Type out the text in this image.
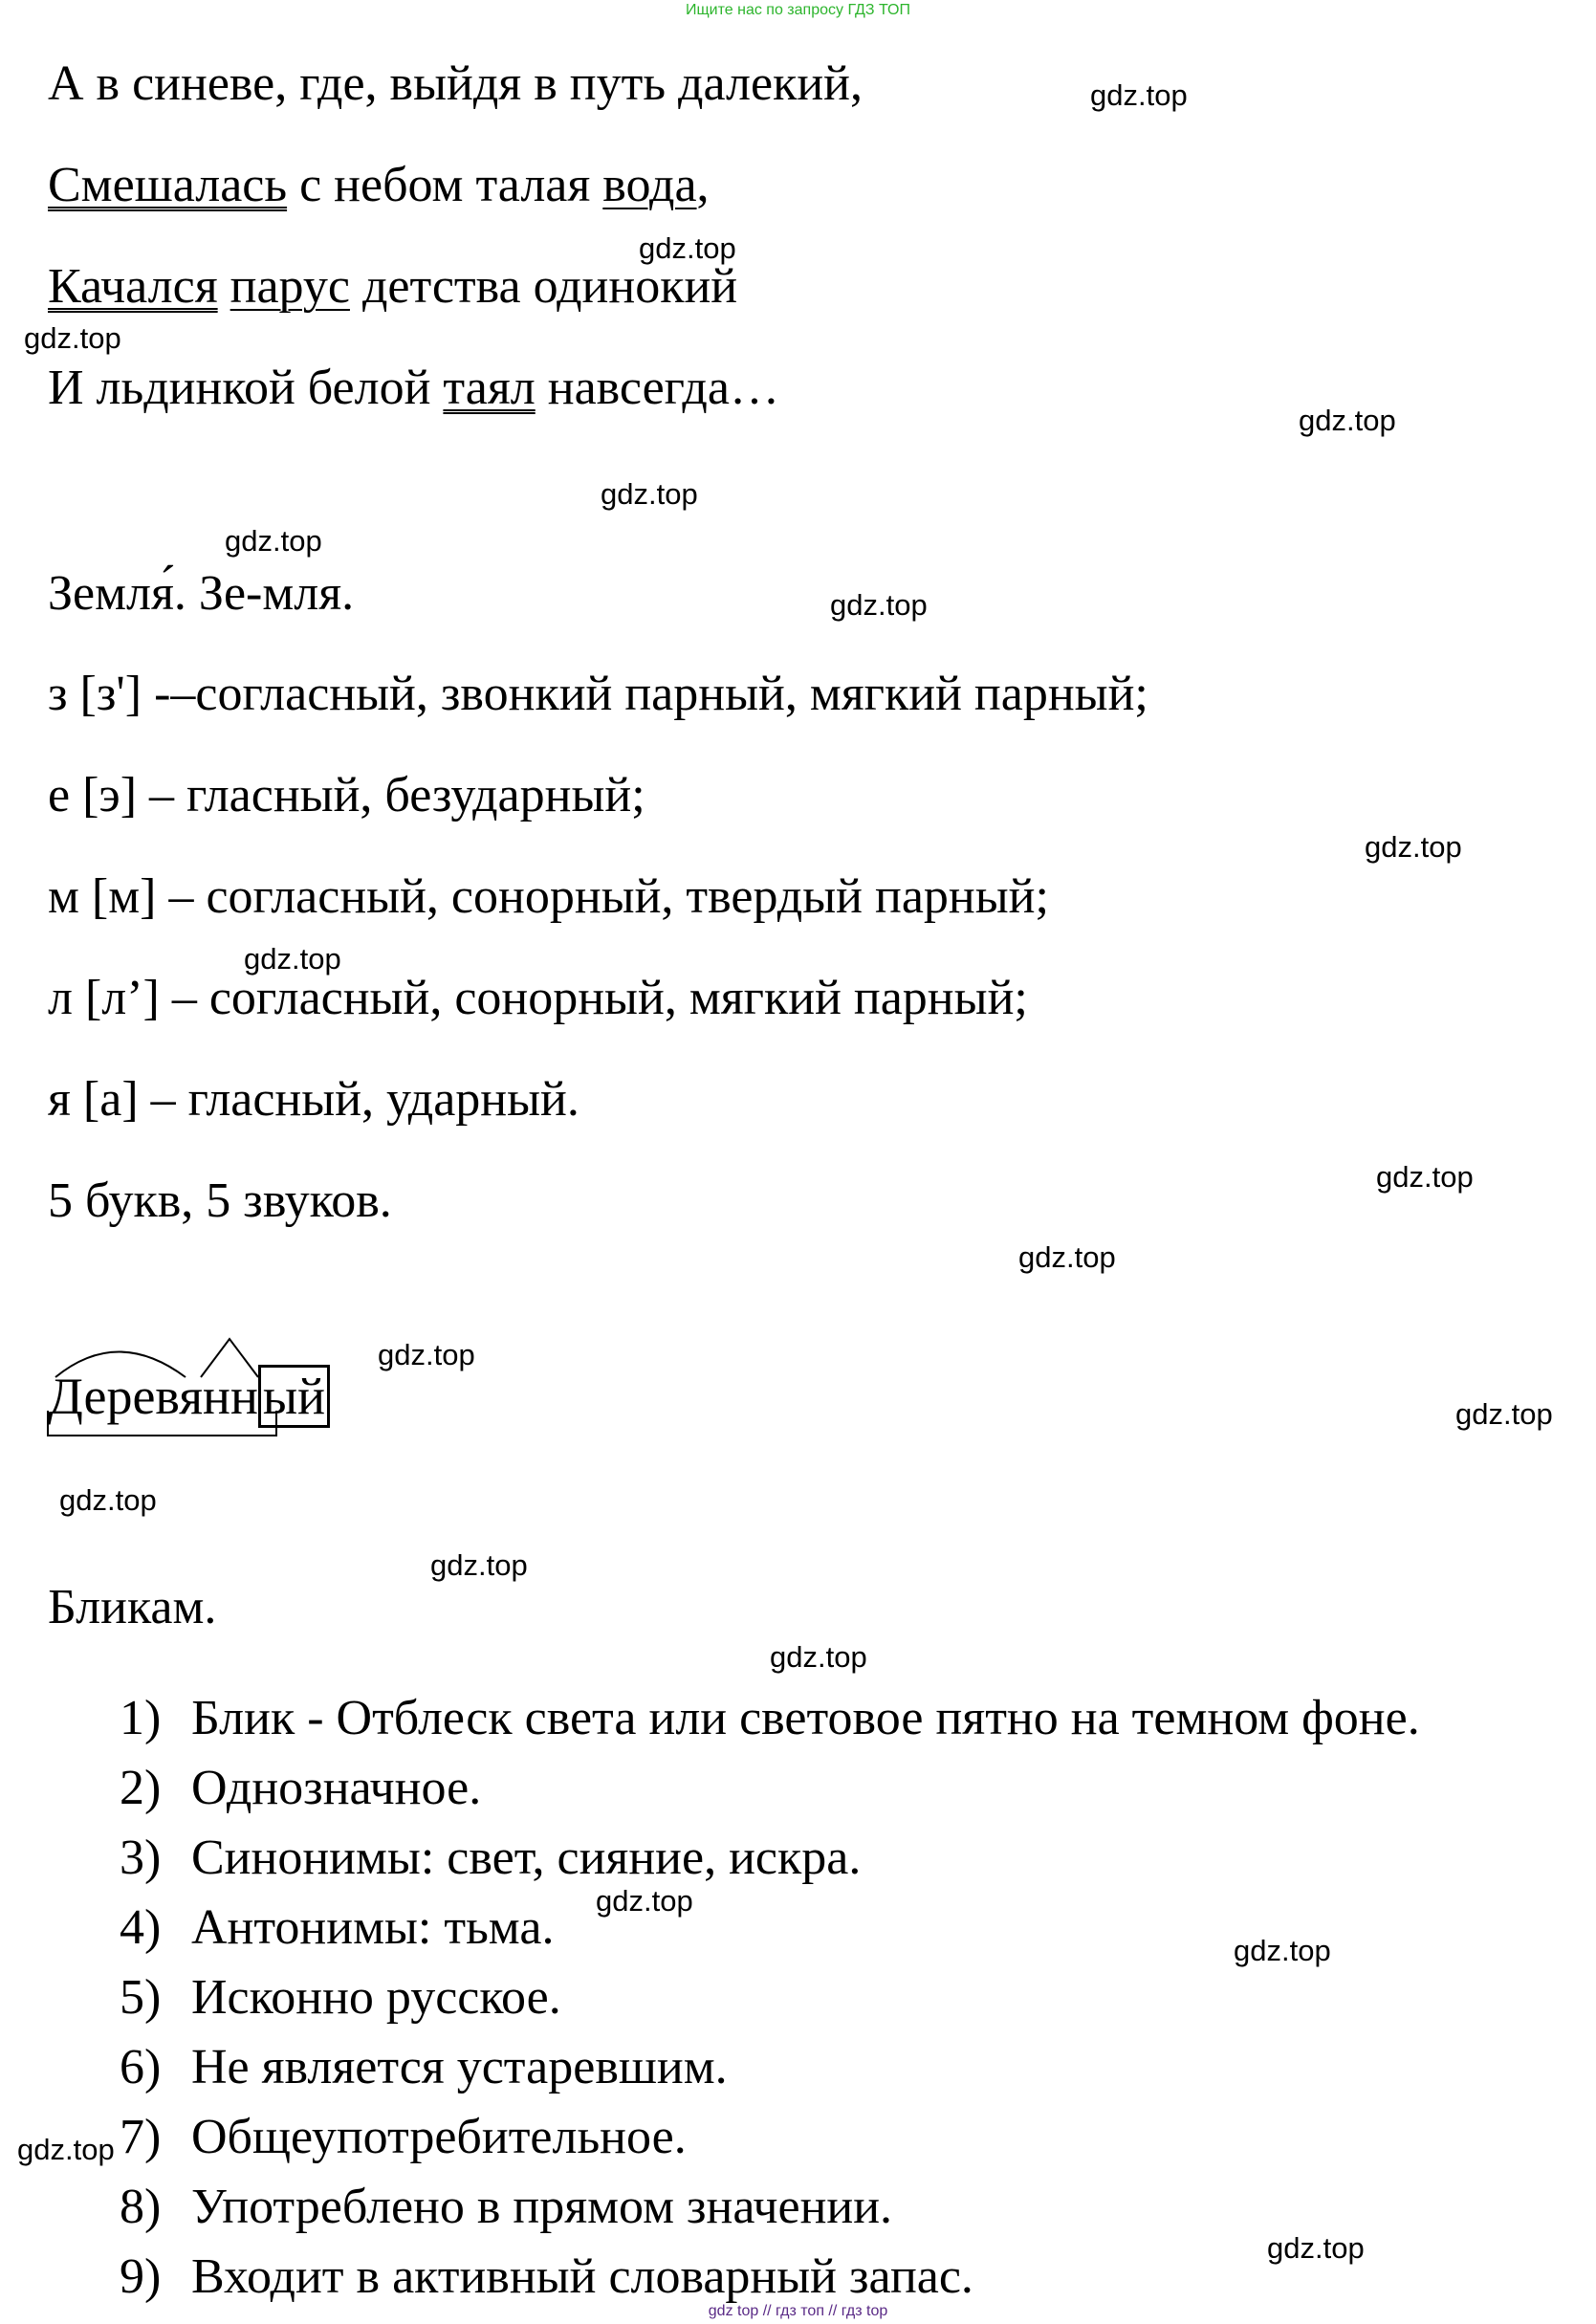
Ищите нас по запросу ГДЗ ТОП
А в синеве, где, выйдя в путь далекий,
Смешалась с небом талая вода,
Качался парус детства одинокий
И льдинкой белой таял навсегда…
Земля́. Зе-мля.
з [з'] -–согласный, звонкий парный, мягкий парный;
е [э] – гласный, безударный;
м [м] – согласный, сонорный, твердый парный;
л [л’] – согласный, сонорный, мягкий парный;
я [а] – гласный, ударный.
5 букв, 5 звуков.
Деревянный
Бликам.
1) Блик - Отблеск света или световое пятно на темном фоне.
2) Однозначное.
3) Синонимы: свет, сияние, искра.
4) Антонимы: тьма.
5) Исконно русское.
6) Не является устаревшим.
7) Общеупотребительное.
8) Употреблено в прямом значении.
9) Входит в активный словарный запас.
gdz.top
gdz.top
gdz.top
gdz.top
gdz.top
gdz.top
gdz.top
gdz.top
gdz.top
gdz.top
gdz.top
gdz.top
gdz.top
gdz.top
gdz.top
gdz.top
gdz.top
gdz.top
gdz.top
gdz.top
gdz top // гдз топ // гдз top
